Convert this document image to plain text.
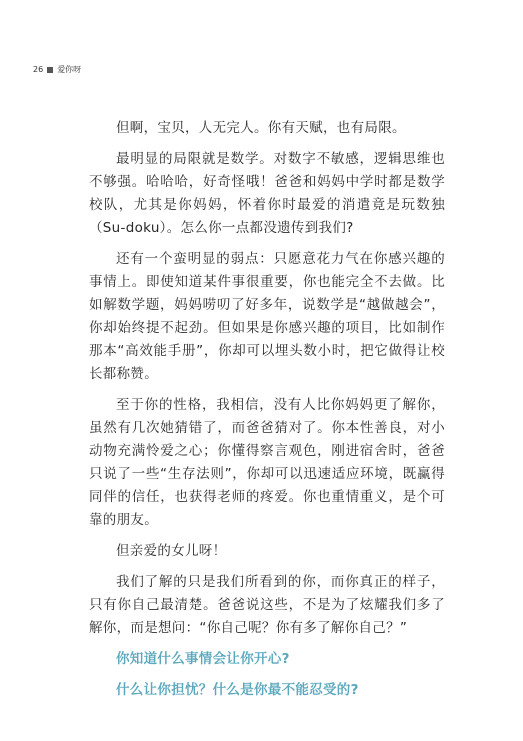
26 爱你呀

但啊，宝贝，人无完人。你有天赋，也有局限。

最明显的局限就是数学。对数字不敏感，逻辑思维也不够强。哈哈哈，好奇怪哦！爸爸和妈妈中学时都是数学校队，尤其是你妈妈，怀着你时最爱的消遣竟是玩数独（Su-doku）。怎么你一点都没遗传到我们?

还有一个蛮明显的弱点：只愿意花力气在你感兴趣的事情上。即使知道某件事很重要，你也能完全不去做。比如解数学题，妈妈唠叨了好多年，说数学是“越做越会”，你却始终提不起劲。但如果是你感兴趣的项目，比如制作那本“高效能手册”，你却可以埋头数小时，把它做得让校长都称赞。

至于你的性格，我相信，没有人比你妈妈更了解你，虽然有几次她猜错了，而爸爸猜对了。你本性善良，对小动物充满怜爱之心；你懂得察言观色，刚进宿舍时，爸爸只说了一些“生存法则”，你却可以迅速适应环境，既赢得同伴的信任，也获得老师的疼爱。你也重情重义，是个可靠的朋友。

但亲爱的女儿呀！

我们了解的只是我们所看到的你，而你真正的样子，只有你自己最清楚。爸爸说这些，不是为了炫耀我们多了解你，而是想问：“你自己呢？你有多了解你自己？”

你知道什么事情会让你开心?

什么让你担忧？什么是你最不能忍受的?
